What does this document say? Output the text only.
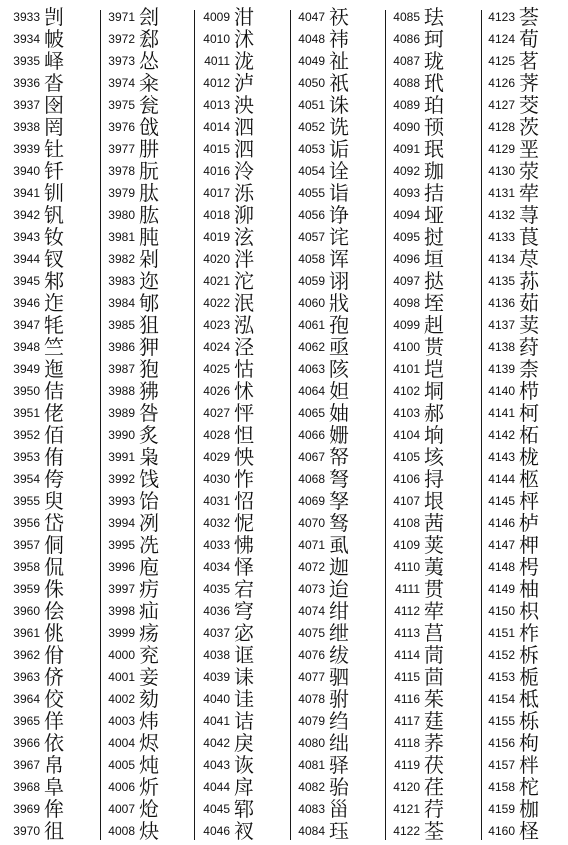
3933 剀
3934 帔
3935 峄
3936 沓
3937 囹
3938 罔
3939 钍
3940 钎
3941 钏
3942 钒
3943 钕
3944 钗
3945 邾
3946 迮
3947 牦
3948 竺
3949 迤
3950 佶
3951 佬
3952 佰
3953 侑
3954 侉
3955 臾
3956 岱
3957 侗
3958 侃
3959 侏
3960 侩
3961 佻
3962 佾
3963 侪
3964 佼
3965 佯
3966 依
3967 帛
3968 阜
3969 侔
3970 徂
3971 刽
3972 郄
3973 怂
3974 籴
3975 瓮
3976 戗
3977 肼
3978 朊
3979 肽
3980 肱
3981 肫
3982 剁
3983 迩
3984 郇
3985 狙
3986 狎
3987 狍
3988 狒
3989 咎
3990 炙
3991 枭
3992 饯
3993 饴
3994 冽
3995 冼
3996 庖
3997 疠
3998 疝
3999 疡
4000 兖
4001 妾
4002 劾
4003 炜
4004 烬
4005 炖
4006 炘
4007 炝
4008 炔
4009 泔
4010 沭
4011 泷
4012 泸
4013 泱
4014 泗
4015 泗
4016 泠
4017 泺
4018 泖
4019 泫
4020 泮
4021 沱
4022 泯
4023 泓
4024 泾
4025 怙
4026 怵
4027 怦
4028 怛
4029 怏
4030 怍
4031 怊
4032 怩
4033 怫
4034 怿
4035 宕
4036 穹
4037 宓
4038 诓
4039 诔
4040 诖
4041 诘
4042 戾
4043 诙
4044 戽
4045 郓
4046 衩
4047 祆
4048 祎
4049 祉
4050 祇
4051 诛
4052 诜
4053 诟
4054 诠
4055 诣
4056 诤
4057 诧
4058 诨
4059 诩
4060 戕
4061 孢
4062 亟
4063 陔
4064 妲
4065 妯
4066 姗
4067 帑
4068 弩
4069 孥
4070 驽
4071 虱
4072 迦
4073 迨
4074 绀
4075 绁
4076 绂
4077 驷
4078 驸
4079 绉
4080 绌
4081 驿
4082 骀
4083 甾
4084 珏
4085 珐
4086 珂
4087 珑
4088 玳
4089 珀
4090 顸
4091 珉
4092 珈
4093 拮
4094 垭
4095 挝
4096 垣
4097 挞
4098 垤
4099 赳
4100 贳
4101 垲
4102 垌
4103 郝
4104 垧
4105 垓
4106 挦
4107 垠
4108 茜
4109 荚
4110 荑
4111 贯
4112 荦
4113 莒
4114 茼
4115 茴
4116 茱
4117 莛
4118 荞
4119 茯
4120 荏
4121 荇
4122 荃
4123 荟
4124 荀
4125 茗
4126 荠
4127 茭
4128 茨
4129 垩
4130 荥
4131 荦
4132 荨
4133 茛
4134 荩
4135 荪
4136 茹
4137 荬
4138 荮
4139 柰
4140 栉
4141 柯
4142 柘
4143 栊
4144 柩
4145 枰
4146 栌
4147 柙
4148 枵
4149 柚
4150 枳
4151 柞
4152 柝
4153 栀
4154 柢
4155 栎
4156 枸
4157 柈
4158 柁
4159 枷
4160 柽
